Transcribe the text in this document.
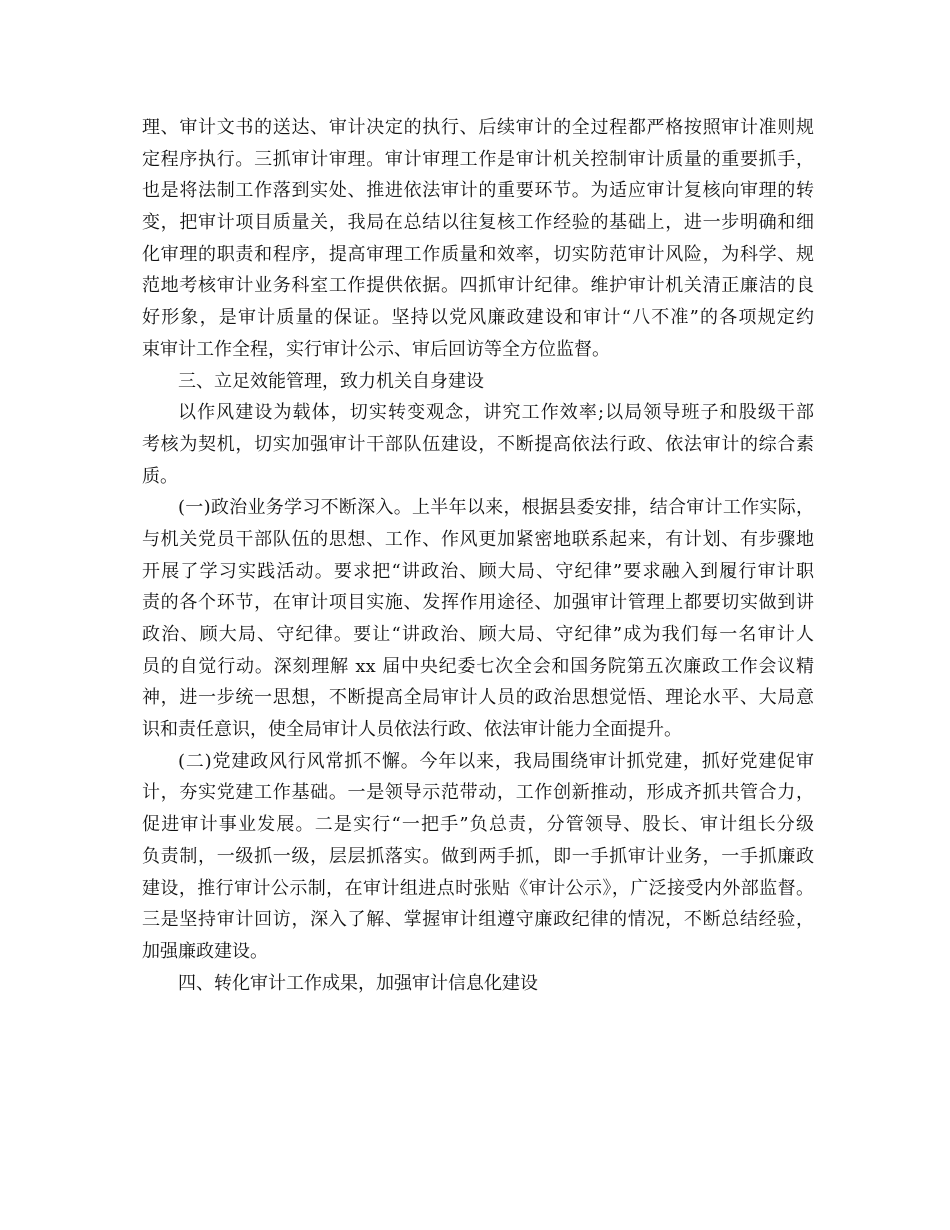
理、审计文书的送达、审计决定的执行、后续审计的全过程都严格按照审计准则规
定程序执行。三抓审计审理。审计审理工作是审计机关控制审计质量的重要抓手，
也是将法制工作落到实处、推进依法审计的重要环节。为适应审计复核向审理的转
变，把审计项目质量关，我局在总结以往复核工作经验的基础上，进一步明确和细
化审理的职责和程序，提高审理工作质量和效率，切实防范审计风险，为科学、规
范地考核审计业务科室工作提供依据。四抓审计纪律。维护审计机关清正廉洁的良
好形象，是审计质量的保证。坚持以党风廉政建设和审计“八不准”的各项规定约
束审计工作全程，实行审计公示、审后回访等全方位监督。
三、立足效能管理，致力机关自身建设
以作风建设为载体，切实转变观念，讲究工作效率;以局领导班子和股级干部
考核为契机，切实加强审计干部队伍建设，不断提高依法行政、依法审计的综合素
质。
(一)政治业务学习不断深入。上半年以来，根据县委安排，结合审计工作实际，
与机关党员干部队伍的思想、工作、作风更加紧密地联系起来，有计划、有步骤地
开展了学习实践活动。要求把“讲政治、顾大局、守纪律”要求融入到履行审计职
责的各个环节，在审计项目实施、发挥作用途径、加强审计管理上都要切实做到讲
政治、顾大局、守纪律。要让“讲政治、顾大局、守纪律”成为我们每一名审计人
员的自觉行动。深刻理解 xx 届中央纪委七次全会和国务院第五次廉政工作会议精
神，进一步统一思想，不断提高全局审计人员的政治思想觉悟、理论水平、大局意
识和责任意识，使全局审计人员依法行政、依法审计能力全面提升。
(二)党建政风行风常抓不懈。今年以来，我局围绕审计抓党建，抓好党建促审
计，夯实党建工作基础。一是领导示范带动，工作创新推动，形成齐抓共管合力，
促进审计事业发展。二是实行“一把手”负总责，分管领导、股长、审计组长分级
负责制，一级抓一级，层层抓落实。做到两手抓，即一手抓审计业务，一手抓廉政
建设，推行审计公示制，在审计组进点时张贴《审计公示》，广泛接受内外部监督。
三是坚持审计回访，深入了解、掌握审计组遵守廉政纪律的情况，不断总结经验，
加强廉政建设。
四、转化审计工作成果，加强审计信息化建设
